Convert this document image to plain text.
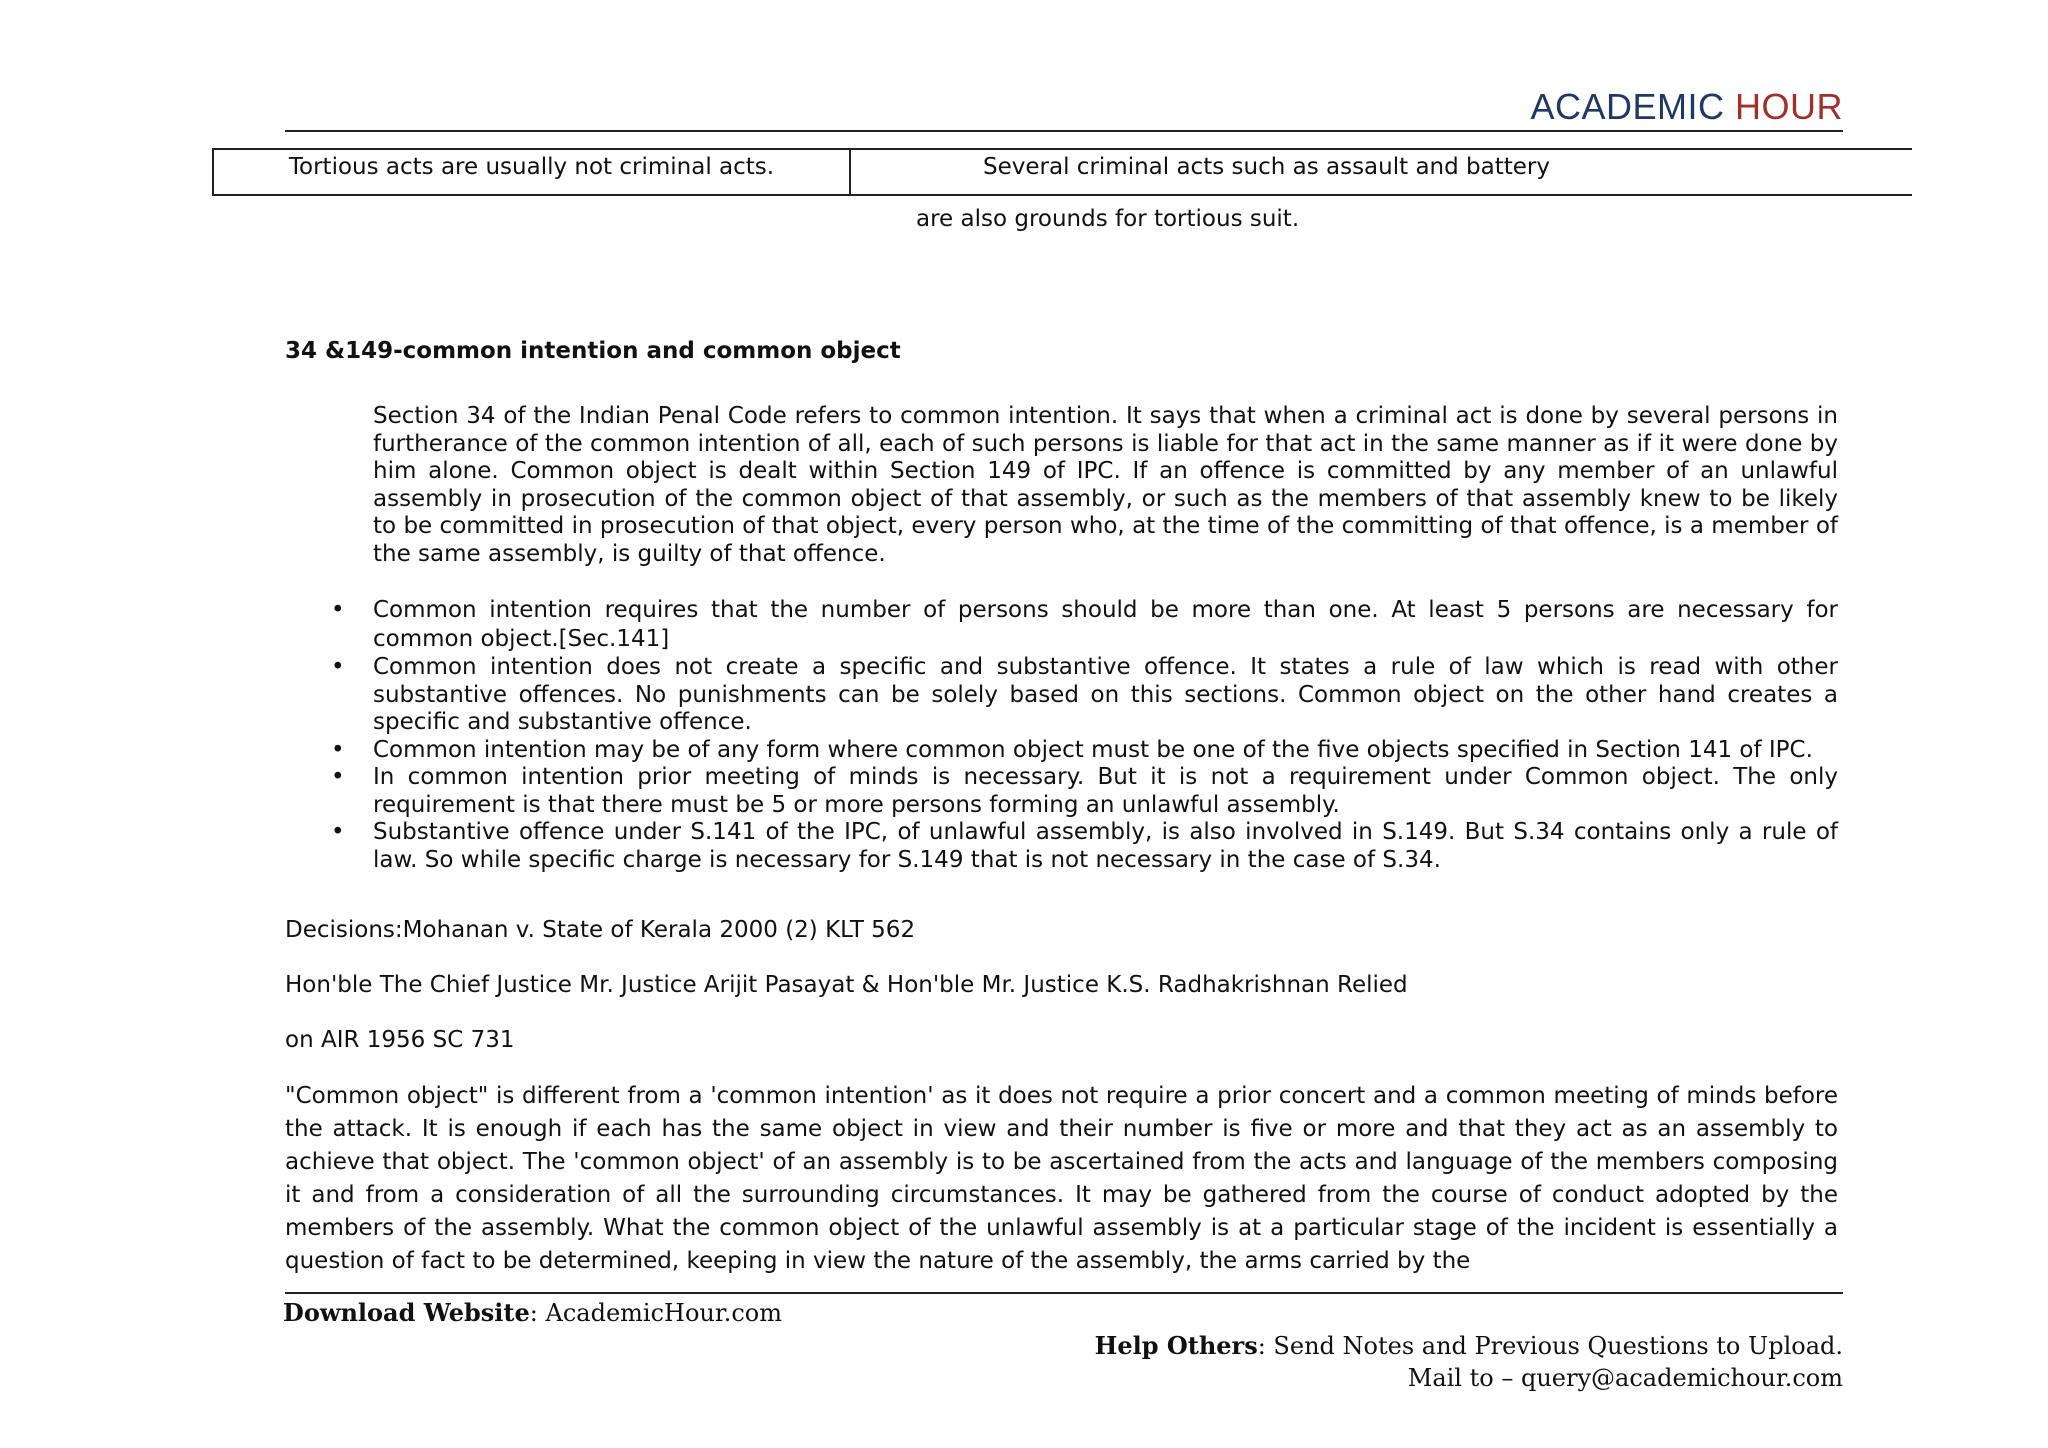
ACADEMIC HOUR
Tortious acts are usually not criminal acts.	Several criminal acts such as assault and battery
are also grounds for tortious suit.
34 &149-common intention and common object

Section 34 of the Indian Penal Code refers to common intention. It says that when a criminal act is done by several persons in furtherance of the common intention of all, each of such persons is liable for that act in the same manner as if it were done by him alone. Common object is dealt within Section 149 of IPC. If an offence is committed by any member of an unlawful assembly in prosecution of the common object of that assembly, or such as the members of that assembly knew to be likely to be committed in prosecution of that object, every person who, at the time of the committing of that offence, is a member of the same assembly, is guilty of that offence.

• Common intention requires that the number of persons should be more than one. At least 5 persons are necessary for common object.[Sec.141]
• Common intention does not create a specific and substantive offence. It states a rule of law which is read with other substantive offences. No punishments can be solely based on this sections. Common object on the other hand creates a specific and substantive offence.
• Common intention may be of any form where common object must be one of the five objects specified in Section 141 of IPC.
• In common intention prior meeting of minds is necessary. But it is not a requirement under Common object. The only requirement is that there must be 5 or more persons forming an unlawful assembly.
• Substantive offence under S.141 of the IPC, of unlawful assembly, is also involved in S.149. But S.34 contains only a rule of law. So while specific charge is necessary for S.149 that is not necessary in the case of S.34.

Decisions:Mohanan v. State of Kerala 2000 (2) KLT 562

Hon'ble The Chief Justice Mr. Justice Arijit Pasayat & Hon'ble Mr. Justice K.S. Radhakrishnan Relied

on AIR 1956 SC 731

"Common object" is different from a 'common intention' as it does not require a prior concert and a common meeting of minds before the attack. It is enough if each has the same object in view and their number is five or more and that they act as an assembly to achieve that object. The 'common object' of an assembly is to be ascertained from the acts and language of the members composing it and from a consideration of all the surrounding circumstances. It may be gathered from the course of conduct adopted by the members of the assembly. What the common object of the unlawful assembly is at a particular stage of the incident is essentially a question of fact to be determined, keeping in view the nature of the assembly, the arms carried by the

Download Website: AcademicHour.com
Help Others: Send Notes and Previous Questions to Upload.
Mail to – query@academichour.com
